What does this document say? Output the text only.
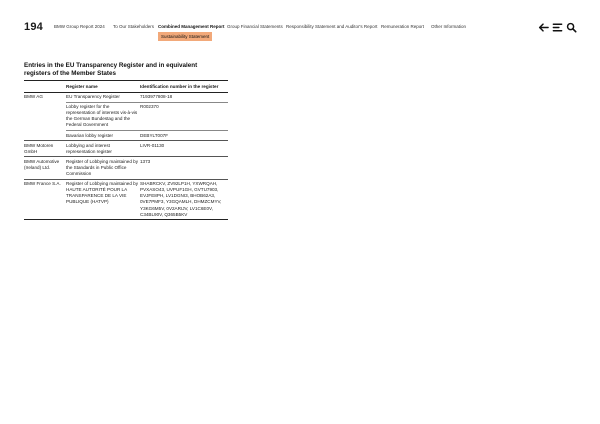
194 BMW Group Report 2024 To Our Stakeholders Combined Management Report Group Financial Statements Responsibility Statement and Auditor's Report Remuneration Report Other Information
Sustainability Statement
Entries in the EU Transparency Register and in equivalent registers of the Member States
	Register name	Identification number in the register
BMW AG	EU Transparency Register	7193977808-18
	Lobby register for the representation of interests vis-à-vis the German Bundestag and the Federal Government	R002370
	Bavarian lobby register	DEBYLT007F
BMW Motoren GmbH	Lobbying and interest representation register	LIVR-01130
BMW Automotive (Ireland) Ltd.	Register of Lobbying maintained by the Standards in Public Office Commission	1373
BMW France S.A.	Register of Lobbying maintained by HAUTE AUTORITÉ POUR LA TRANSPARENCE DE LA VIE PUBLIQUE (HATVP)	SHABRCKV, ZV92LP1H, YXWRQAH, PVXASO43, UVPUF1GH, GVTU7903, EVJFE8PH, LV1DGNI3, BHOB62A3, 0VE7PMF3, Y3GQAMLH, DHMZCMYV, Y3KG6M5V, 0V2ARIJV, LV1C6E0V, C34BL90V, Q365B5KV
